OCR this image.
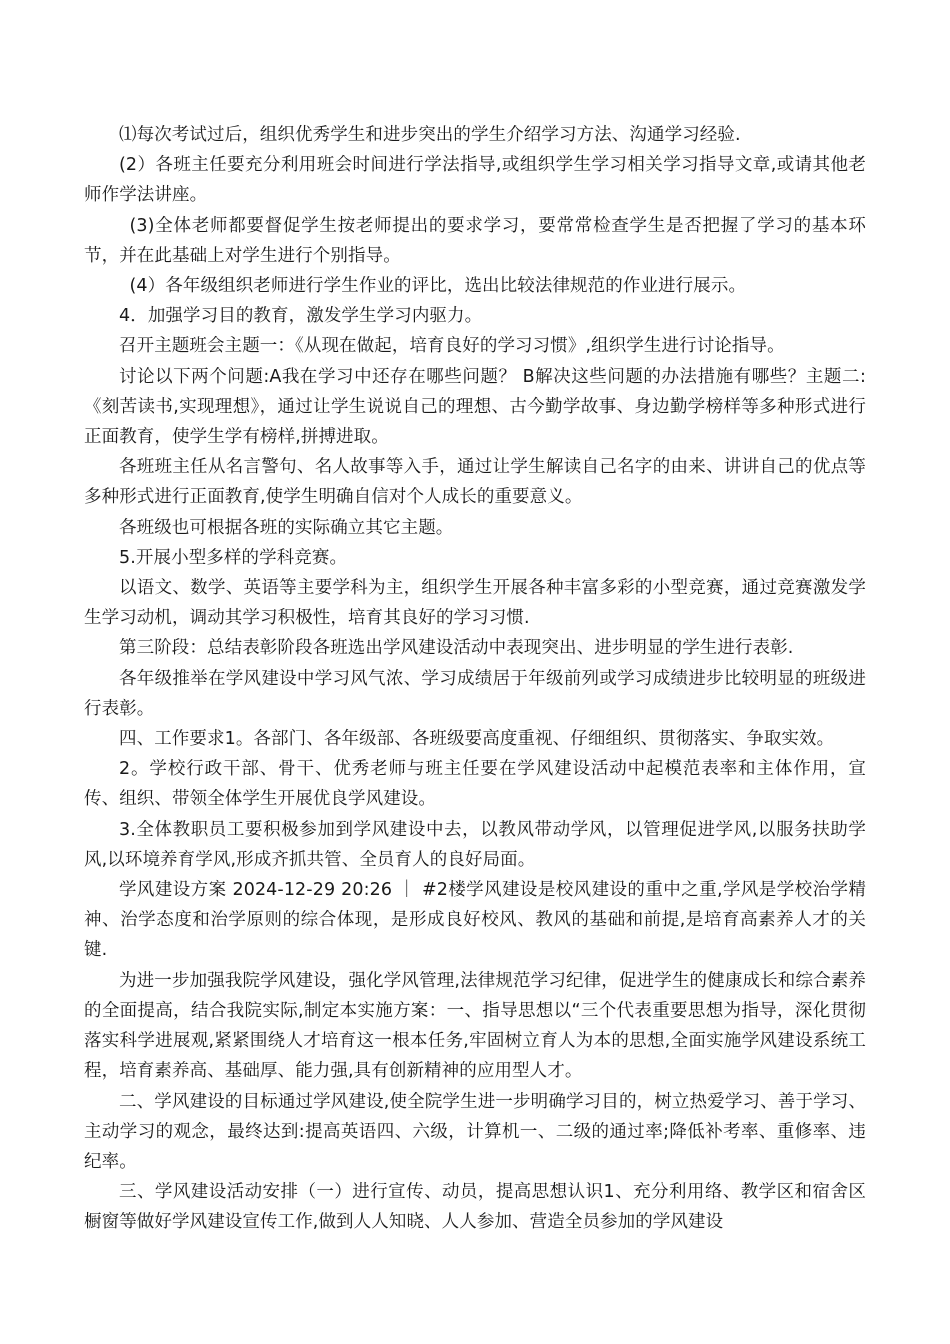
⑴每次考试过后，组织优秀学生和进步突出的学生介绍学习方法、沟通学习经验.

(2）各班主任要充分利用班会时间进行学法指导,或组织学生学习相关学习指导文章,或请其他老师作学法讲座。

(3)全体老师都要督促学生按老师提出的要求学习，要常常检查学生是否把握了学习的基本环节，并在此基础上对学生进行个别指导。

(4）各年级组织老师进行学生作业的评比，选出比较法律规范的作业进行展示。

4．加强学习目的教育，激发学生学习内驱力。

召开主题班会主题一：《从现在做起，培育良好的学习习惯》,组织学生进行讨论指导。

讨论以下两个问题:A我在学习中还存在哪些问题？ B解决这些问题的办法措施有哪些？主题二:《刻苦读书,实现理想》，通过让学生说说自己的理想、古今勤学故事、身边勤学榜样等多种形式进行正面教育，使学生学有榜样,拼搏进取。

各班班主任从名言警句、名人故事等入手，通过让学生解读自己名字的由来、讲讲自己的优点等多种形式进行正面教育,使学生明确自信对个人成长的重要意义。

各班级也可根据各班的实际确立其它主题。

5.开展小型多样的学科竞赛。

以语文、数学、英语等主要学科为主，组织学生开展各种丰富多彩的小型竞赛，通过竞赛激发学生学习动机，调动其学习积极性，培育其良好的学习习惯.

第三阶段：总结表彰阶段各班选出学风建设活动中表现突出、进步明显的学生进行表彰.

各年级推举在学风建设中学习风气浓、学习成绩居于年级前列或学习成绩进步比较明显的班级进行表彰。

四、工作要求1。各部门、各年级部、各班级要高度重视、仔细组织、贯彻落实、争取实效。

2。学校行政干部、骨干、优秀老师与班主任要在学风建设活动中起模范表率和主体作用，宣传、组织、带领全体学生开展优良学风建设。

3.全体教职员工要积极参加到学风建设中去，以教风带动学风，以管理促进学风,以服务扶助学风,以环境养育学风,形成齐抓共管、全员育人的良好局面。

学风建设方案 2024-12-29 20:26 ｜ #2楼学风建设是校风建设的重中之重,学风是学校治学精神、治学态度和治学原则的综合体现，是形成良好校风、教风的基础和前提,是培育高素养人才的关键.

为进一步加强我院学风建设，强化学风管理,法律规范学习纪律，促进学生的健康成长和综合素养的全面提高，结合我院实际,制定本实施方案：一、指导思想以“三个代表重要思想为指导，深化贯彻落实科学进展观,紧紧围绕人才培育这一根本任务,牢固树立育人为本的思想,全面实施学风建设系统工程，培育素养高、基础厚、能力强,具有创新精神的应用型人才。

二、学风建设的目标通过学风建设,使全院学生进一步明确学习目的，树立热爱学习、善于学习、主动学习的观念，最终达到:提高英语四、六级，计算机一、二级的通过率;降低补考率、重修率、违纪率。

三、学风建设活动安排（一）进行宣传、动员，提高思想认识1、充分利用络、教学区和宿舍区橱窗等做好学风建设宣传工作,做到人人知晓、人人参加、营造全员参加的学风建设
